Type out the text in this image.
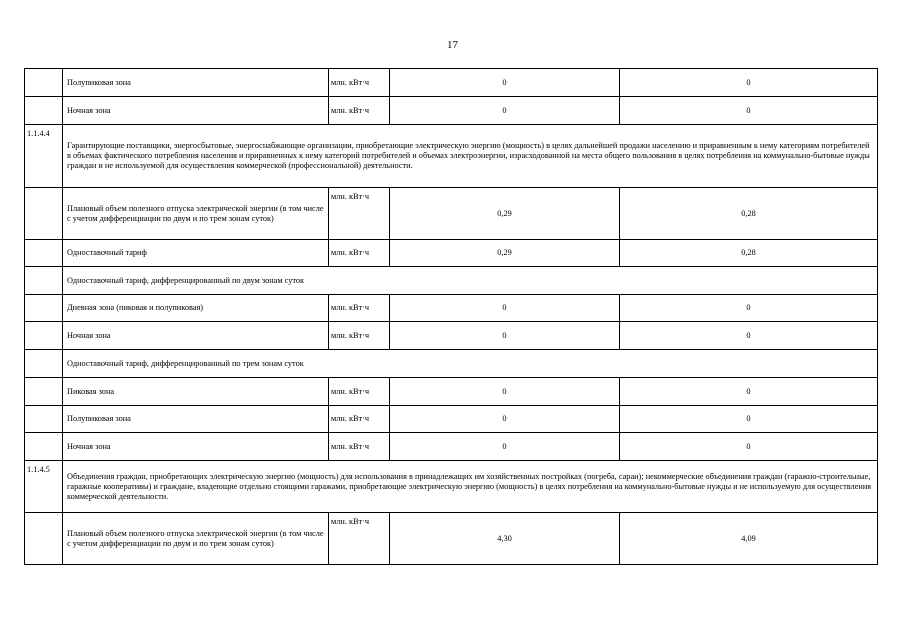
17
	Полупиковая зона	млн. кВт·ч	0	0
	Ночная зона	млн. кВт·ч	0	0
1.1.4.4	Гарантирующие поставщики, энергосбытовые, энергоснабжающие организации, приобретающие электрическую энергию (мощность) в целях дальнейшей продажи населению и приравненным к нему категориям потребителей в объемах фактического потребления населения и приравненных к нему категорий потребителей и объемах электроэнергии, израсходованной на места общего пользования в целях потребления на коммунально-бытовые нужды граждан и не используемой для осуществления коммерческой (профессиональной) деятельности.			
	Плановый объем полезного отпуска электрической энергии (в том числе с учетом дифференциации по двум и по трем зонам суток)	млн. кВт·ч	0,29	0,28
	Одноставочный тариф	млн. кВт·ч	0,29	0,28
	Одноставочный тариф, дифференцированный по двум зонам суток			
	Дневная зона (пиковая и полупиковая)	млн. кВт·ч	0	0
	Ночная зона	млн. кВт·ч	0	0
	Одноставочный тариф, дифференцированный по трем зонам суток			
	Пиковая зона	млн. кВт·ч	0	0
	Полупиковая зона	млн. кВт·ч	0	0
	Ночная зона	млн. кВт·ч	0	0
1.1.4.5	Объединения граждан, приобретающих электрическую энергию (мощность) для использования в принадлежащих им хозяйственных постройках (погреба, сараи); некоммерческие объединения граждан (гаражно-строительные, гаражные кооперативы) и граждане, владеющие отдельно стоящими гаражами, приобретающие электрическую энергию (мощность) в целях потребления на коммунально-бытовые нужды и не используемую для осуществления коммерческой деятельности.			
	Плановый объем полезного отпуска электрической энергии (в том числе с учетом дифференциации по двум и по трем зонам суток)	млн. кВт·ч	4,30	4,09
